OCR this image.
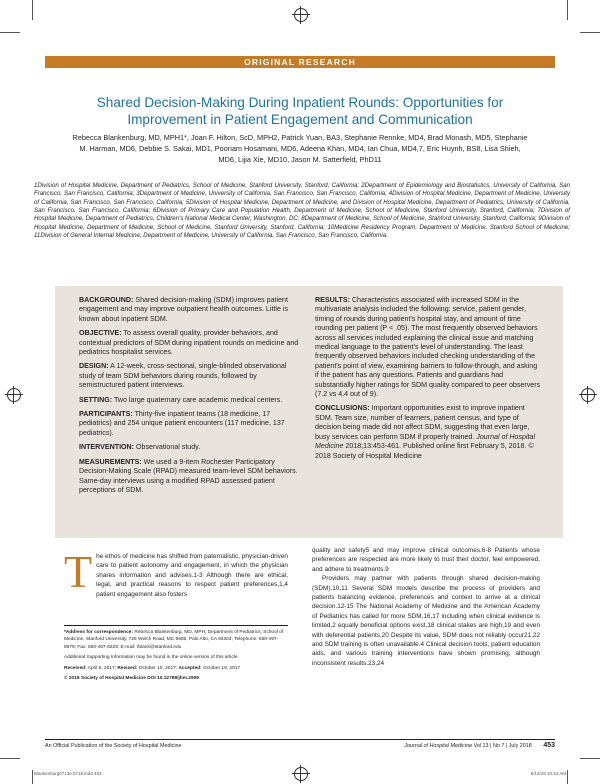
ORIGINAL RESEARCH
Shared Decision-Making During Inpatient Rounds: Opportunities for Improvement in Patient Engagement and Communication
Rebecca Blankenburg, MD, MPH1*, Joan F. Hilton, ScD, MPH2, Patrick Yuan, BA3, Stephanie Rennke, MD4, Brad Monash, MD5, Stephanie M. Harman, MD6, Debbie S. Sakai, MD1, Pooriam Hosamani, MD6, Adeena Khan, MD4, Ian Chua, MD4,7, Eric Huynh, BS8, Lisa Shieh, MD6, Lijia Xie, MD10, Jason M. Satterfield, PhD11
1Division of Hospital Medicine, Department of Pediatrics, School of Medicine, Stanford University, Stanford, California; 2Department of Epidemiology and Biostatistics, University of California, San Francisco, San Francisco, California; 3Department of Medicine, University of California, San Francisco, San Francisco, California; 4Division of Hospital Medicine, Department of Medicine, University of California, San Francisco, San Francisco, California; 5Division of Hospital Medicine, Department of Medicine, and Division of Hospital Medicine, Department of Pediatrics, University of California, San Francisco, San Francisco, California; 6Division of Primary Care and Population Health, Department of Medicine, School of Medicine, Stanford University, Stanford, California; 7Division of Hospital Medicine, Department of Pediatrics, Children's National Medical Center, Washington, DC; 8Department of Medicine, School of Medicine, Stanford University, Stanford, California; 9Division of Hospital Medicine, Department of Medicine, School of Medicine, Stanford University, Stanford, California; 10Medicine Residency Program, Department of Medicine, Stanford School of Medicine; 11Division of General Internal Medicine, Department of Medicine, University of California, San Francisco, San Francisco, California.

BACKGROUND: Shared decision-making (SDM) improves patient engagement and may improve outpatient health outcomes. Little is known about inpatient SDM.

OBJECTIVE: To assess overall quality, provider behaviors, and contextual predictors of SDM during inpatient rounds on medicine and pediatrics hospitalist services.

DESIGN: A 12-week, cross-sectional, single-blinded observational study of team SDM behaviors during rounds, followed by semistructured patient interviews.

SETTING: Two large quaternary care academic medical centers.

PARTICIPANTS: Thirty-five inpatient teams (18 medicine, 17 pediatrics) and 254 unique patient encounters (117 medicine, 137 pediatrics).

INTERVENTION: Observational study.

MEASUREMENTS: We used a 9-item Rochester Participatory Decision-Making Scale (RPAD) measured team-level SDM behaviors. Same-day interviews using a modified RPAD assessed patient perceptions of SDM.

RESULTS: Characteristics associated with increased SDM in the multivariate analysis included the following: service, patient gender, timing of rounds during patient's hospital stay, and amount of time rounding per patient (P < .05). The most frequently observed behaviors across all services included explaining the clinical issue and matching medical language to the patient's level of understanding. The least frequently observed behaviors included checking understanding of the patient's point of view, examining barriers to follow-through, and asking if the patient has any questions. Patients and guardians had substantially higher ratings for SDM quality compared to peer observers (7.2 vs 4.4 out of 9).

CONCLUSIONS: Important opportunities exist to improve inpatient SDM. Team size, number of learners, patient census, and type of decision being made did not affect SDM, suggesting that even large, busy services can perform SDM if properly trained. Journal of Hospital Medicine 2018;13:453-461. Published online first February 5, 2018. © 2018 Society of Hospital Medicine

The ethos of medicine has shifted from paternalistic, physician-driven care to patient autonomy and engagement, in which the physician shares information and advises.1-3 Although there are ethical, legal, and practical reasons to respect patient preferences,1,4 patient engagement also fosters

quality and safety5 and may improve clinical outcomes.6-8 Patients whose preferences are respected are more likely to trust their doctor, feel empowered, and adhere to treatments.9

Providers may partner with patients through shared decision-making (SDM).10,11 Several SDM models describe the process of providers and patients balancing evidence, preferences and context to arrive at a clinical decision.12-15 The National Academy of Medicine and the American Academy of Pediatrics has called for more SDM,16,17 including when clinical evidence is limited,2 equally beneficial options exist,18 clinical stakes are high,19 and even with deferential patients.20 Despite its value, SDM does not reliably occur21,22 and SDM training is often unavailable.4 Clinical decision tools, patient education aids, and various training interventions have shown promising, although inconsistent results.23,24

*Address for correspondence: Rebecca Blankenburg, MD, MPH, Department of Pediatrics, School of Medicine, Stanford University, 725 Welch Road, MC 5906, Palo Alto, CA 94304; Telephone: 650-497-8979; Fax: 650-497-8228; E-mail: rblank@stanford.edu

Additional Supporting Information may be found in the online version of this article.

Received: April 5, 2017; Revised: October 10, 2017; Accepted: October 19, 2017

© 2018 Society of Hospital Medicine DOI 10.12788/jhm.2909

An Official Publication of the Society of Hospital Medicine	Journal of Hospital Medicine Vol 13 | No 7 | July 2018 453
Blankenburg0713e.0718.indd 453	6/14/18 10:44 AM
